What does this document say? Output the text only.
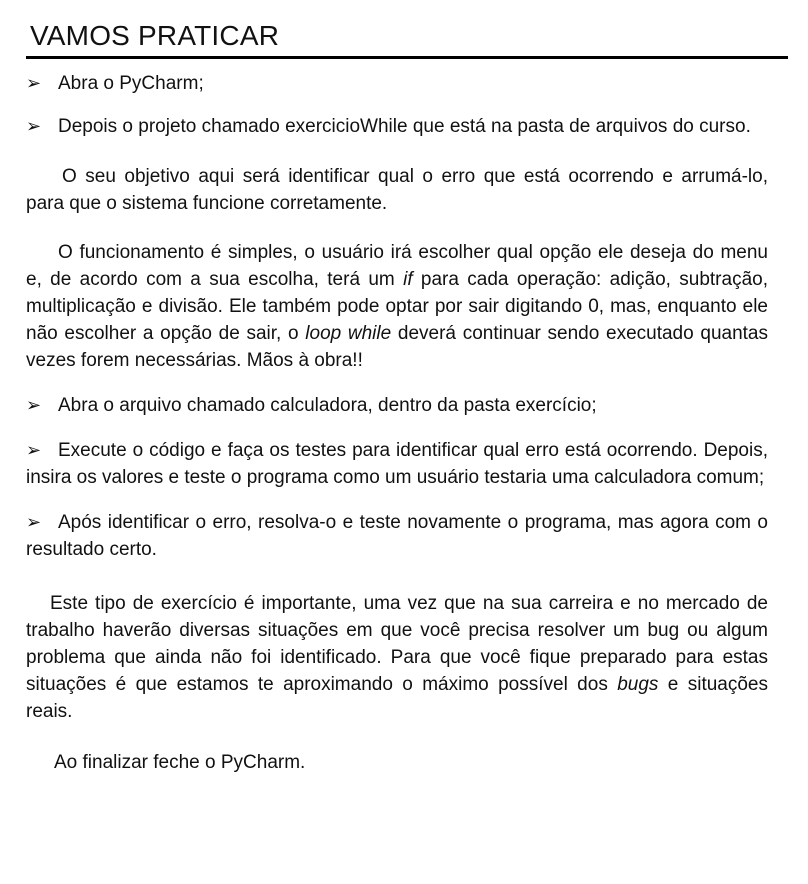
VAMOS PRATICAR

➢ Abra o PyCharm;

➢ Depois o projeto chamado exercicioWhile que está na pasta de arquivos do curso.

O seu objetivo aqui será identificar qual o erro que está ocorrendo e arrumá-lo, para que o sistema funcione corretamente.

O funcionamento é simples, o usuário irá escolher qual opção ele deseja do menu e, de acordo com a sua escolha, terá um if para cada operação: adição, subtração, multiplicação e divisão. Ele também pode optar por sair digitando 0, mas, enquanto ele não escolher a opção de sair, o loop while deverá continuar sendo executado quantas vezes forem necessárias. Mãos à obra!!

➢ Abra o arquivo chamado calculadora, dentro da pasta exercício;

➢ Execute o código e faça os testes para identificar qual erro está ocorrendo. Depois, insira os valores e teste o programa como um usuário testaria uma calculadora comum;

➢ Após identificar o erro, resolva-o e teste novamente o programa, mas agora com o resultado certo.

Este tipo de exercício é importante, uma vez que na sua carreira e no mercado de trabalho haverão diversas situações em que você precisa resolver um bug ou algum problema que ainda não foi identificado. Para que você fique preparado para estas situações é que estamos te aproximando o máximo possível dos bugs e situações reais.

Ao finalizar feche o PyCharm.
